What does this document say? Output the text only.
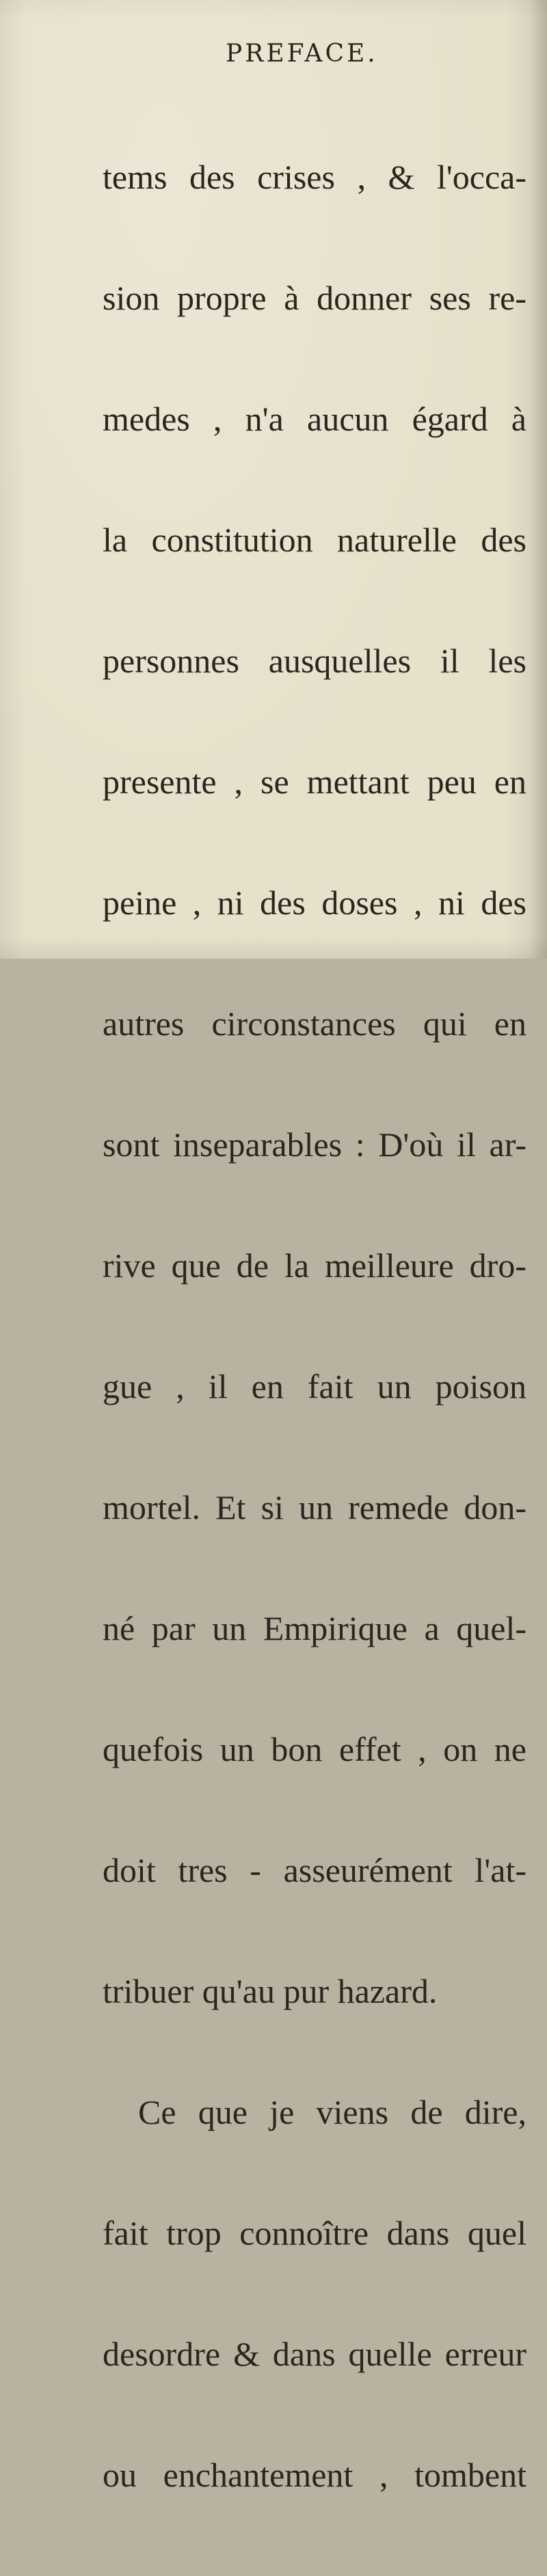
PREFACE.

tems des crises , & l'occa-

sion propre à donner ses re-

medes , n'a aucun égard à

la constitution naturelle des

personnes ausquelles il les

presente , se mettant peu en

peine , ni des doses , ni des

autres circonstances qui en

sont inseparables : D'où il ar-

rive que de la meilleure dro-

gue , il en fait un poison

mortel. Et si un remede don-

né par un Empirique a quel-

quefois un bon effet , on ne

doit tres - asseurément l'at-

tribuer qu'au pur hazard.

Ce que je viens de dire,

fait trop connoître dans quel

desordre & dans quelle erreur

ou enchantement , tombent
